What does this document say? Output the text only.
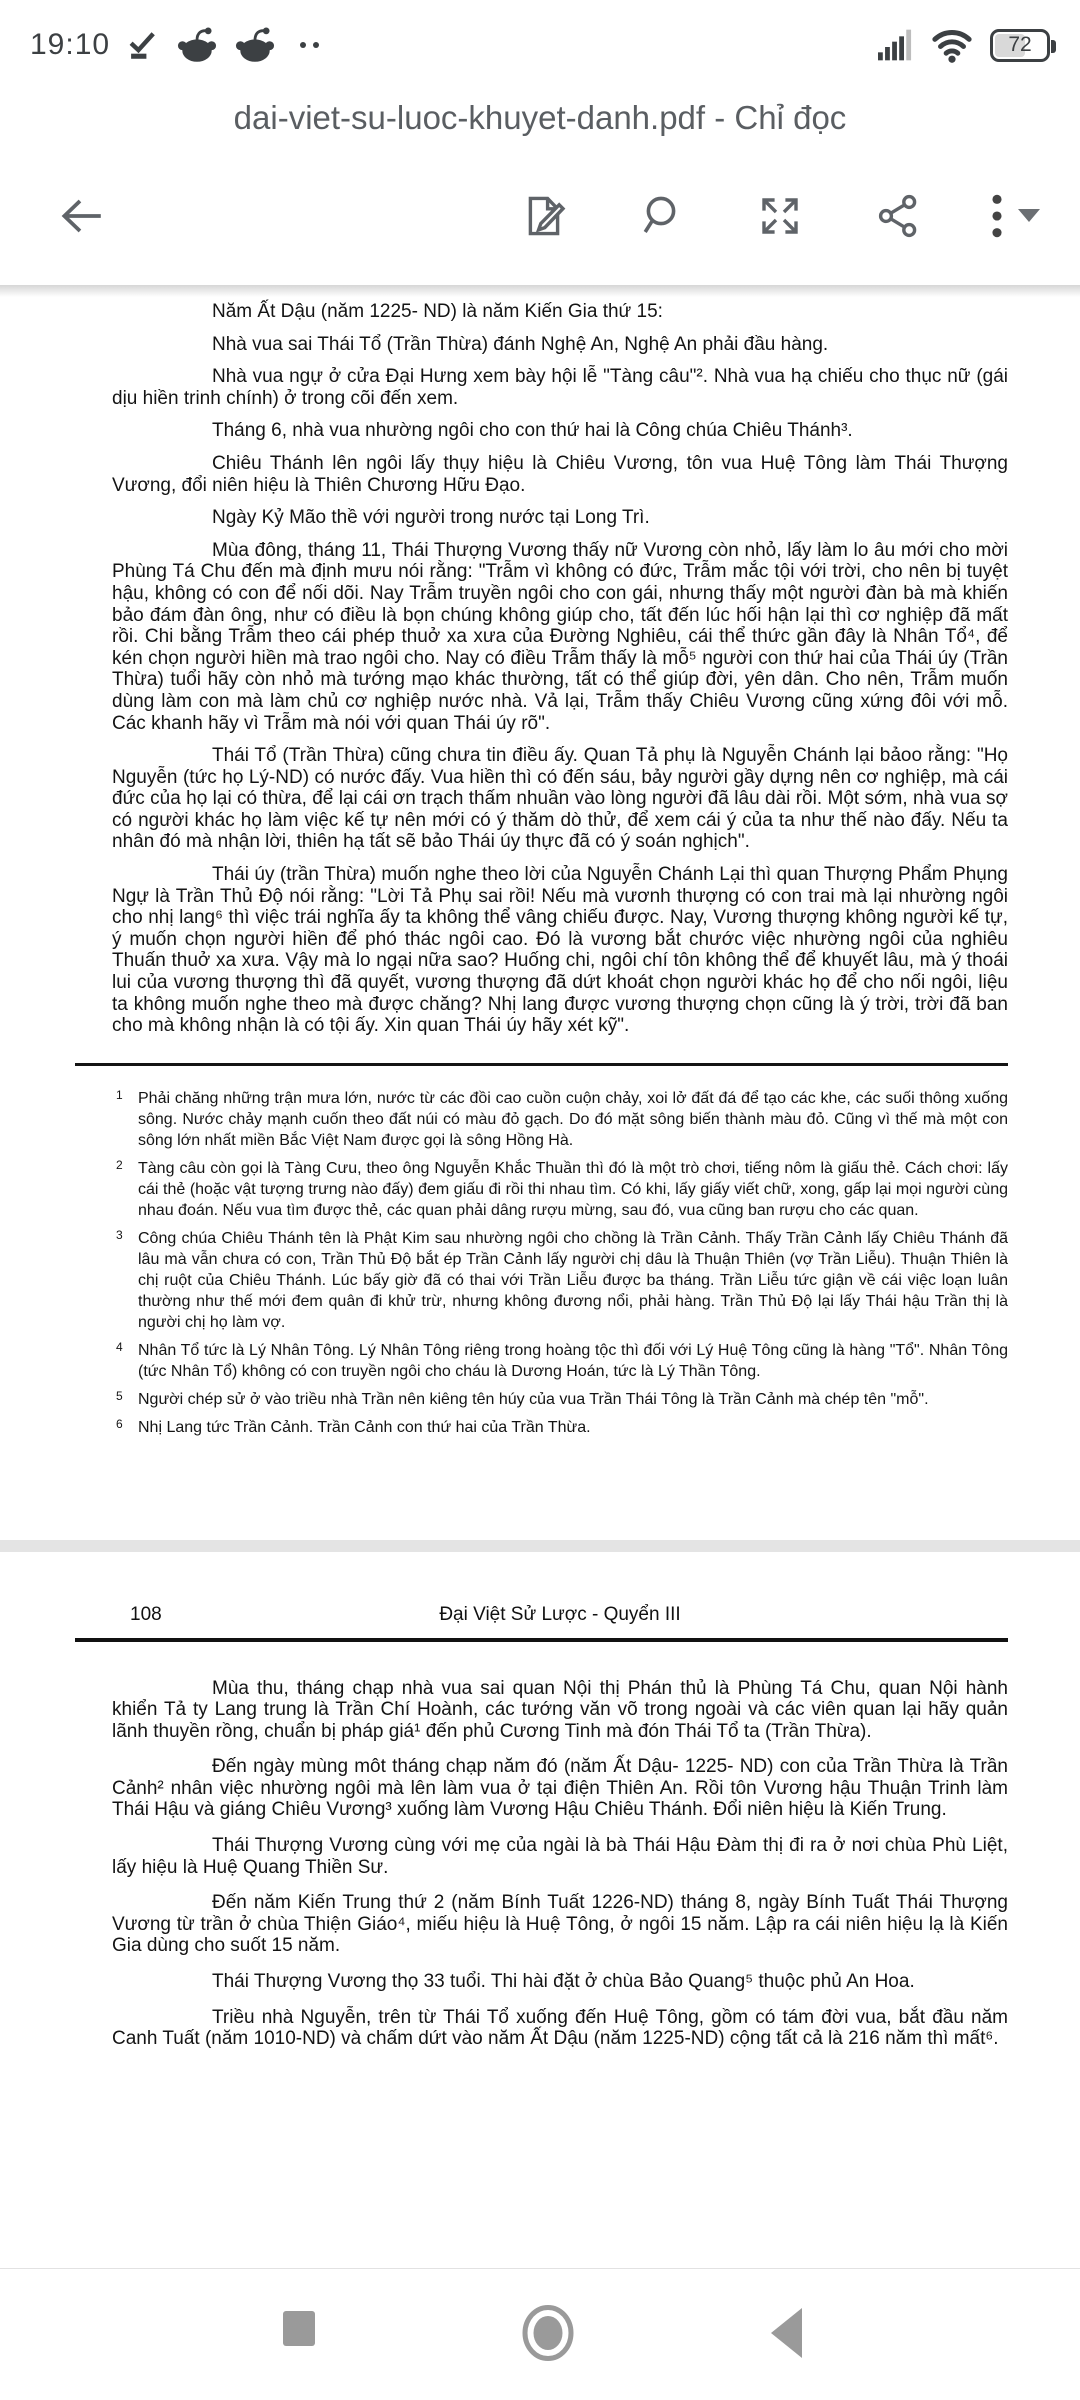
19:10	72
dai-viet-su-luoc-khuyet-danh.pdf - Chỉ đọc

Năm Ất Dậu (năm 1225- ND) là năm Kiến Gia thứ 15:

Nhà vua sai Thái Tổ (Trần Thừa) đánh Nghệ An, Nghệ An phải đầu hàng.

Nhà vua ngự ở cửa Đại Hưng xem bày hội lễ "Tàng câu"². Nhà vua hạ chiếu cho thục nữ (gái dịu hiền trinh chính) ở trong cõi đến xem.

Tháng 6, nhà vua nhường ngôi cho con thứ hai là Công chúa Chiêu Thánh³.

Chiêu Thánh lên ngôi lấy thụy hiệu là Chiêu Vương, tôn vua Huệ Tông làm Thái Thượng Vương, đổi niên hiệu là Thiên Chương Hữu Đạo.

Ngày Kỷ Mão thề với người trong nước tại Long Trì.

Mùa đông, tháng 11, Thái Thượng Vương thấy nữ Vương còn nhỏ, lấy làm lo âu mới cho mời Phùng Tá Chu đến mà định mưu nói rằng: "Trẫm vì không có đức, Trẫm mắc tội với trời, cho nên bị tuyệt hậu, không có con để nối dõi. Nay Trẫm truyền ngôi cho con gái, nhưng thấy một người đàn bà mà khiến bảo đám đàn ông, như có điều là bọn chúng không giúp cho, tất đến lúc hối hận lại thì cơ nghiệp đã mất rồi. Chi bằng Trẫm theo cái phép thuở xa xưa của Đường Nghiêu, cái thể thức gần đây là Nhân Tổ⁴, để kén chọn người hiền mà trao ngôi cho. Nay có điều Trẫm thấy là mỗ⁵ người con thứ hai của Thái úy (Trần Thừa) tuổi hãy còn nhỏ mà tướng mạo khác thường, tất có thể giúp đời, yên dân. Cho nên, Trẫm muốn dùng làm con mà làm chủ cơ nghiệp nước nhà. Vả lại, Trẫm thấy Chiêu Vương cũng xứng đôi với mỗ. Các khanh hãy vì Trẫm mà nói với quan Thái úy rõ".

Thái Tổ (Trần Thừa) cũng chưa tin điều ấy. Quan Tả phụ là Nguyễn Chánh lại bảoo rằng: "Họ Nguyễn (tức họ Lý-ND) có nước đấy. Vua hiền thì có đến sáu, bảy người gầy dựng nên cơ nghiệp, mà cái đức của họ lại có thừa, để lại cái ơn trạch thấm nhuần vào lòng người đã lâu dài rồi. Một sớm, nhà vua sợ có người khác họ làm việc kế tự nên mới có ý thăm dò thử, để xem cái ý của ta như thế nào đấy. Nếu ta nhân đó mà nhận lời, thiên hạ tất sẽ bảo Thái úy thực đã có ý soán nghịch".

Thái úy (trần Thừa) muốn nghe theo lời của Nguyễn Chánh Lại thì quan Thượng Phẩm Phụng Ngự là Trần Thủ Độ nói rằng: "Lời Tả Phụ sai rồi! Nếu mà vươnh thượng có con trai mà lại nhường ngôi cho nhị lang⁶ thì việc trái nghĩa ấy ta không thể vâng chiếu được. Nay, Vương thượng không người kế tự, ý muốn chọn người hiền để phó thác ngôi cao. Đó là vương bắt chước việc nhường ngôi của nghiêu Thuấn thuở xa xưa. Vậy mà lo ngại nữa sao? Huống chi, ngôi chí tôn không thể để khuyết lâu, mà ý thoái lui của vương thượng thì đã quyết, vương thượng đã dứt khoát chọn người khác họ để cho nối ngôi, liệu ta không muốn nghe theo mà được chăng? Nhị lang được vương thượng chọn cũng là ý trời, trời đã ban cho mà không nhận là có tội ấy. Xin quan Thái úy hãy xét kỹ".

1 Phải chăng những trận mưa lớn, nước từ các đồi cao cuồn cuộn chảy, xoi lở đất đá để tạo các khe, các suối thông xuống sông. Nước chảy mạnh cuốn theo đất núi có màu đỏ gạch. Do đó mặt sông biến thành màu đỏ. Cũng vì thế mà một con sông lớn nhất miền Bắc Việt Nam được gọi là sông Hồng Hà.
2 Tàng câu còn gọi là Tàng Cưu, theo ông Nguyễn Khắc Thuần thì đó là một trò chơi, tiếng nôm là giấu thẻ. Cách chơi: lấy cái thẻ (hoặc vật tượng trưng nào đấy) đem giấu đi rồi thi nhau tìm. Có khi, lấy giấy viết chữ, xong, gấp lại mọi người cùng nhau đoán. Nếu vua tìm được thẻ, các quan phải dâng rượu mừng, sau đó, vua cũng ban rượu cho các quan.
3 Công chúa Chiêu Thánh tên là Phật Kim sau nhường ngôi cho chồng là Trần Cảnh. Thấy Trần Cảnh lấy Chiêu Thánh đã lâu mà vẫn chưa có con, Trần Thủ Độ bắt ép Trần Cảnh lấy người chị dâu là Thuận Thiên (vợ Trần Liễu). Thuận Thiên là chị ruột của Chiêu Thánh. Lúc bấy giờ đã có thai với Trần Liễu được ba tháng. Trần Liễu tức giận về cái việc loạn luân thường như thế mới đem quân đi khử trừ, nhưng không đương nổi, phải hàng. Trần Thủ Độ lại lấy Thái hậu Trần thị là người chị họ làm vợ.
4 Nhân Tổ tức là Lý Nhân Tông. Lý Nhân Tông riêng trong hoàng tộc thì đối với Lý Huệ Tông cũng là hàng "Tổ". Nhân Tông (tức Nhân Tổ) không có con truyền ngôi cho cháu là Dương Hoán, tức là Lý Thần Tông.
5 Người chép sử ở vào triều nhà Trần nên kiêng tên húy của vua Trần Thái Tông là Trần Cảnh mà chép tên "mỗ".
6 Nhị Lang tức Trần Cảnh. Trần Cảnh con thứ hai của Trần Thừa.
108	Đại Việt Sử Lược - Quyển III

Mùa thu, tháng chạp nhà vua sai quan Nội thị Phán thủ là Phùng Tá Chu, quan Nội hành khiển Tả ty Lang trung là Trần Chí Hoành, các tướng văn võ trong ngoài và các viên quan lại hãy quản lãnh thuyền rồng, chuẩn bị pháp giá¹ đến phủ Cương Tinh mà đón Thái Tổ ta (Trần Thừa).

Đến ngày mùng môt tháng chạp năm đó (năm Ất Dậu- 1225- ND) con của Trần Thừa là Trần Cảnh² nhân việc nhường ngôi mà lên làm vua ở tại điện Thiên An. Rồi tôn Vương hậu Thuận Trinh làm Thái Hậu và giáng Chiêu Vương³ xuống làm Vương Hậu Chiêu Thánh. Đổi niên hiệu là Kiến Trung.

Thái Thượng Vương cùng với mẹ của ngài là bà Thái Hậu Đàm thị đi ra ở nơi chùa Phù Liệt, lấy hiệu là Huệ Quang Thiền Sư.

Đến năm Kiến Trung thứ 2 (năm Bính Tuất 1226-ND) tháng 8, ngày Bính Tuất Thái Thượng Vương từ trần ở chùa Thiện Giáo⁴, miếu hiệu là Huệ Tông, ở ngôi 15 năm. Lập ra cái niên hiệu lạ là Kiến Gia dùng cho suốt 15 năm.

Thái Thượng Vương thọ 33 tuổi. Thi hài đặt ở chùa Bảo Quang⁵ thuộc phủ An Hoa.

Triều nhà Nguyễn, trên từ Thái Tổ xuống đến Huệ Tông, gồm có tám đời vua, bắt đầu năm Canh Tuất (năm 1010-ND) và chấm dứt vào năm Ất Dậu (năm 1225-ND) cộng tất cả là 216 năm thì mất⁶.
